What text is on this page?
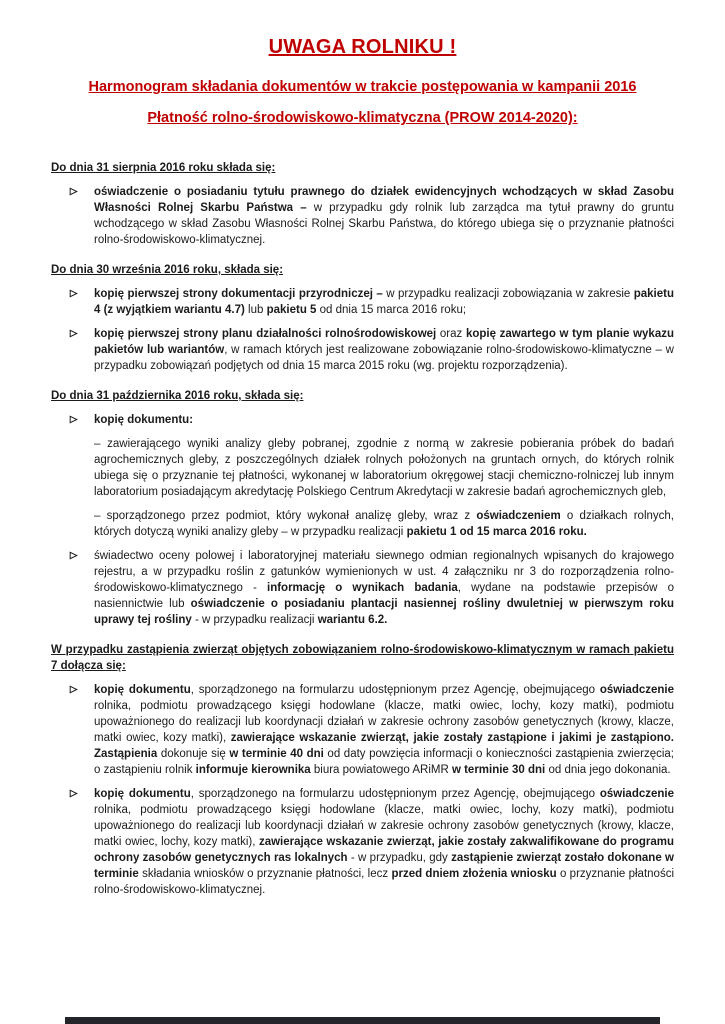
UWAGA ROLNIKU !
Harmonogram składania dokumentów w trakcie postępowania w kampanii 2016
Płatność rolno-środowiskowo-klimatyczna (PROW 2014-2020):
Do dnia 31 sierpnia 2016 roku składa się:
oświadczenie o posiadaniu tytułu prawnego do działek ewidencyjnych wchodzących w skład Zasobu Własności Rolnej Skarbu Państwa – w przypadku gdy rolnik lub zarządca ma tytuł prawny do gruntu wchodzącego w skład Zasobu Własności Rolnej Skarbu Państwa, do którego ubiega się o przyznanie płatności rolno-środowiskowo-klimatycznej.
Do dnia 30 września 2016 roku, składa się:
kopię pierwszej strony dokumentacji przyrodniczej – w przypadku realizacji zobowiązania w zakresie pakietu 4 (z wyjątkiem wariantu 4.7) lub pakietu 5 od dnia 15 marca 2016 roku;
kopię pierwszej strony planu działalności rolnośrodowiskowej oraz kopię zawartego w tym planie wykazu pakietów lub wariantów, w ramach których jest realizowane zobowiązanie rolno-środowiskowo-klimatyczne – w przypadku zobowiązań podjętych od dnia 15 marca 2015 roku (wg. projektu rozporządzenia).
Do dnia 31 października 2016 roku, składa się:
kopię dokumentu:
– zawierającego wyniki analizy gleby pobranej, zgodnie z normą w zakresie pobierania próbek do badań agrochemicznych gleby, z poszczególnych działek rolnych położonych na gruntach ornych, do których rolnik ubiega się o przyznanie tej płatności, wykonanej w laboratorium okręgowej stacji chemiczno-rolniczej lub innym laboratorium posiadającym akredytację Polskiego Centrum Akredytacji w zakresie badań agrochemicznych gleb,
– sporządzonego przez podmiot, który wykonał analizę gleby, wraz z oświadczeniem o działkach rolnych, których dotyczą wyniki analizy gleby – w przypadku realizacji pakietu 1 od 15 marca 2016 roku.
świadectwo oceny polowej i laboratoryjnej materiału siewnego odmian regionalnych wpisanych do krajowego rejestru, a w przypadku roślin z gatunków wymienionych w ust. 4 załączniku nr 3 do rozporządzenia rolno-środowiskowo-klimatycznego - informację o wynikach badania, wydane na podstawie przepisów o nasiennictwie lub oświadczenie o posiadaniu plantacji nasiennej rośliny dwuletniej w pierwszym roku uprawy tej rośliny - w przypadku realizacji wariantu 6.2.
W przypadku zastąpienia zwierząt objętych zobowiązaniem rolno-środowiskowo-klimatycznym w ramach pakietu 7 dołącza się:
kopię dokumentu, sporządzonego na formularzu udostępnionym przez Agencję, obejmującego oświadczenie rolnika, podmiotu prowadzącego księgi hodowlane (klacze, matki owiec, lochy, kozy matki), podmiotu upoważnionego do realizacji lub koordynacji działań w zakresie ochrony zasobów genetycznych (krowy, klacze, matki owiec, kozy matki), zawierające wskazanie zwierząt, jakie zostały zastąpione i jakimi je zastąpiono. Zastąpienia dokonuje się w terminie 40 dni od daty powzięcia informacji o konieczności zastąpienia zwierzęcia; o zastąpieniu rolnik informuje kierownika biura powiatowego ARiMR w terminie 30 dni od dnia jego dokonania.
kopię dokumentu, sporządzonego na formularzu udostępnionym przez Agencję, obejmującego oświadczenie rolnika, podmiotu prowadzącego księgi hodowlane (klacze, matki owiec, lochy, kozy matki), podmiotu upoważnionego do realizacji lub koordynacji działań w zakresie ochrony zasobów genetycznych (krowy, klacze, matki owiec, lochy, kozy matki), zawierające wskazanie zwierząt, jakie zostały zakwalifikowane do programu ochrony zasobów genetycznych ras lokalnych - w przypadku, gdy zastąpienie zwierząt zostało dokonane w terminie składania wniosków o przyznanie płatności, lecz przed dniem złożenia wniosku o przyznanie płatności rolno-środowiskowo-klimatycznej.
